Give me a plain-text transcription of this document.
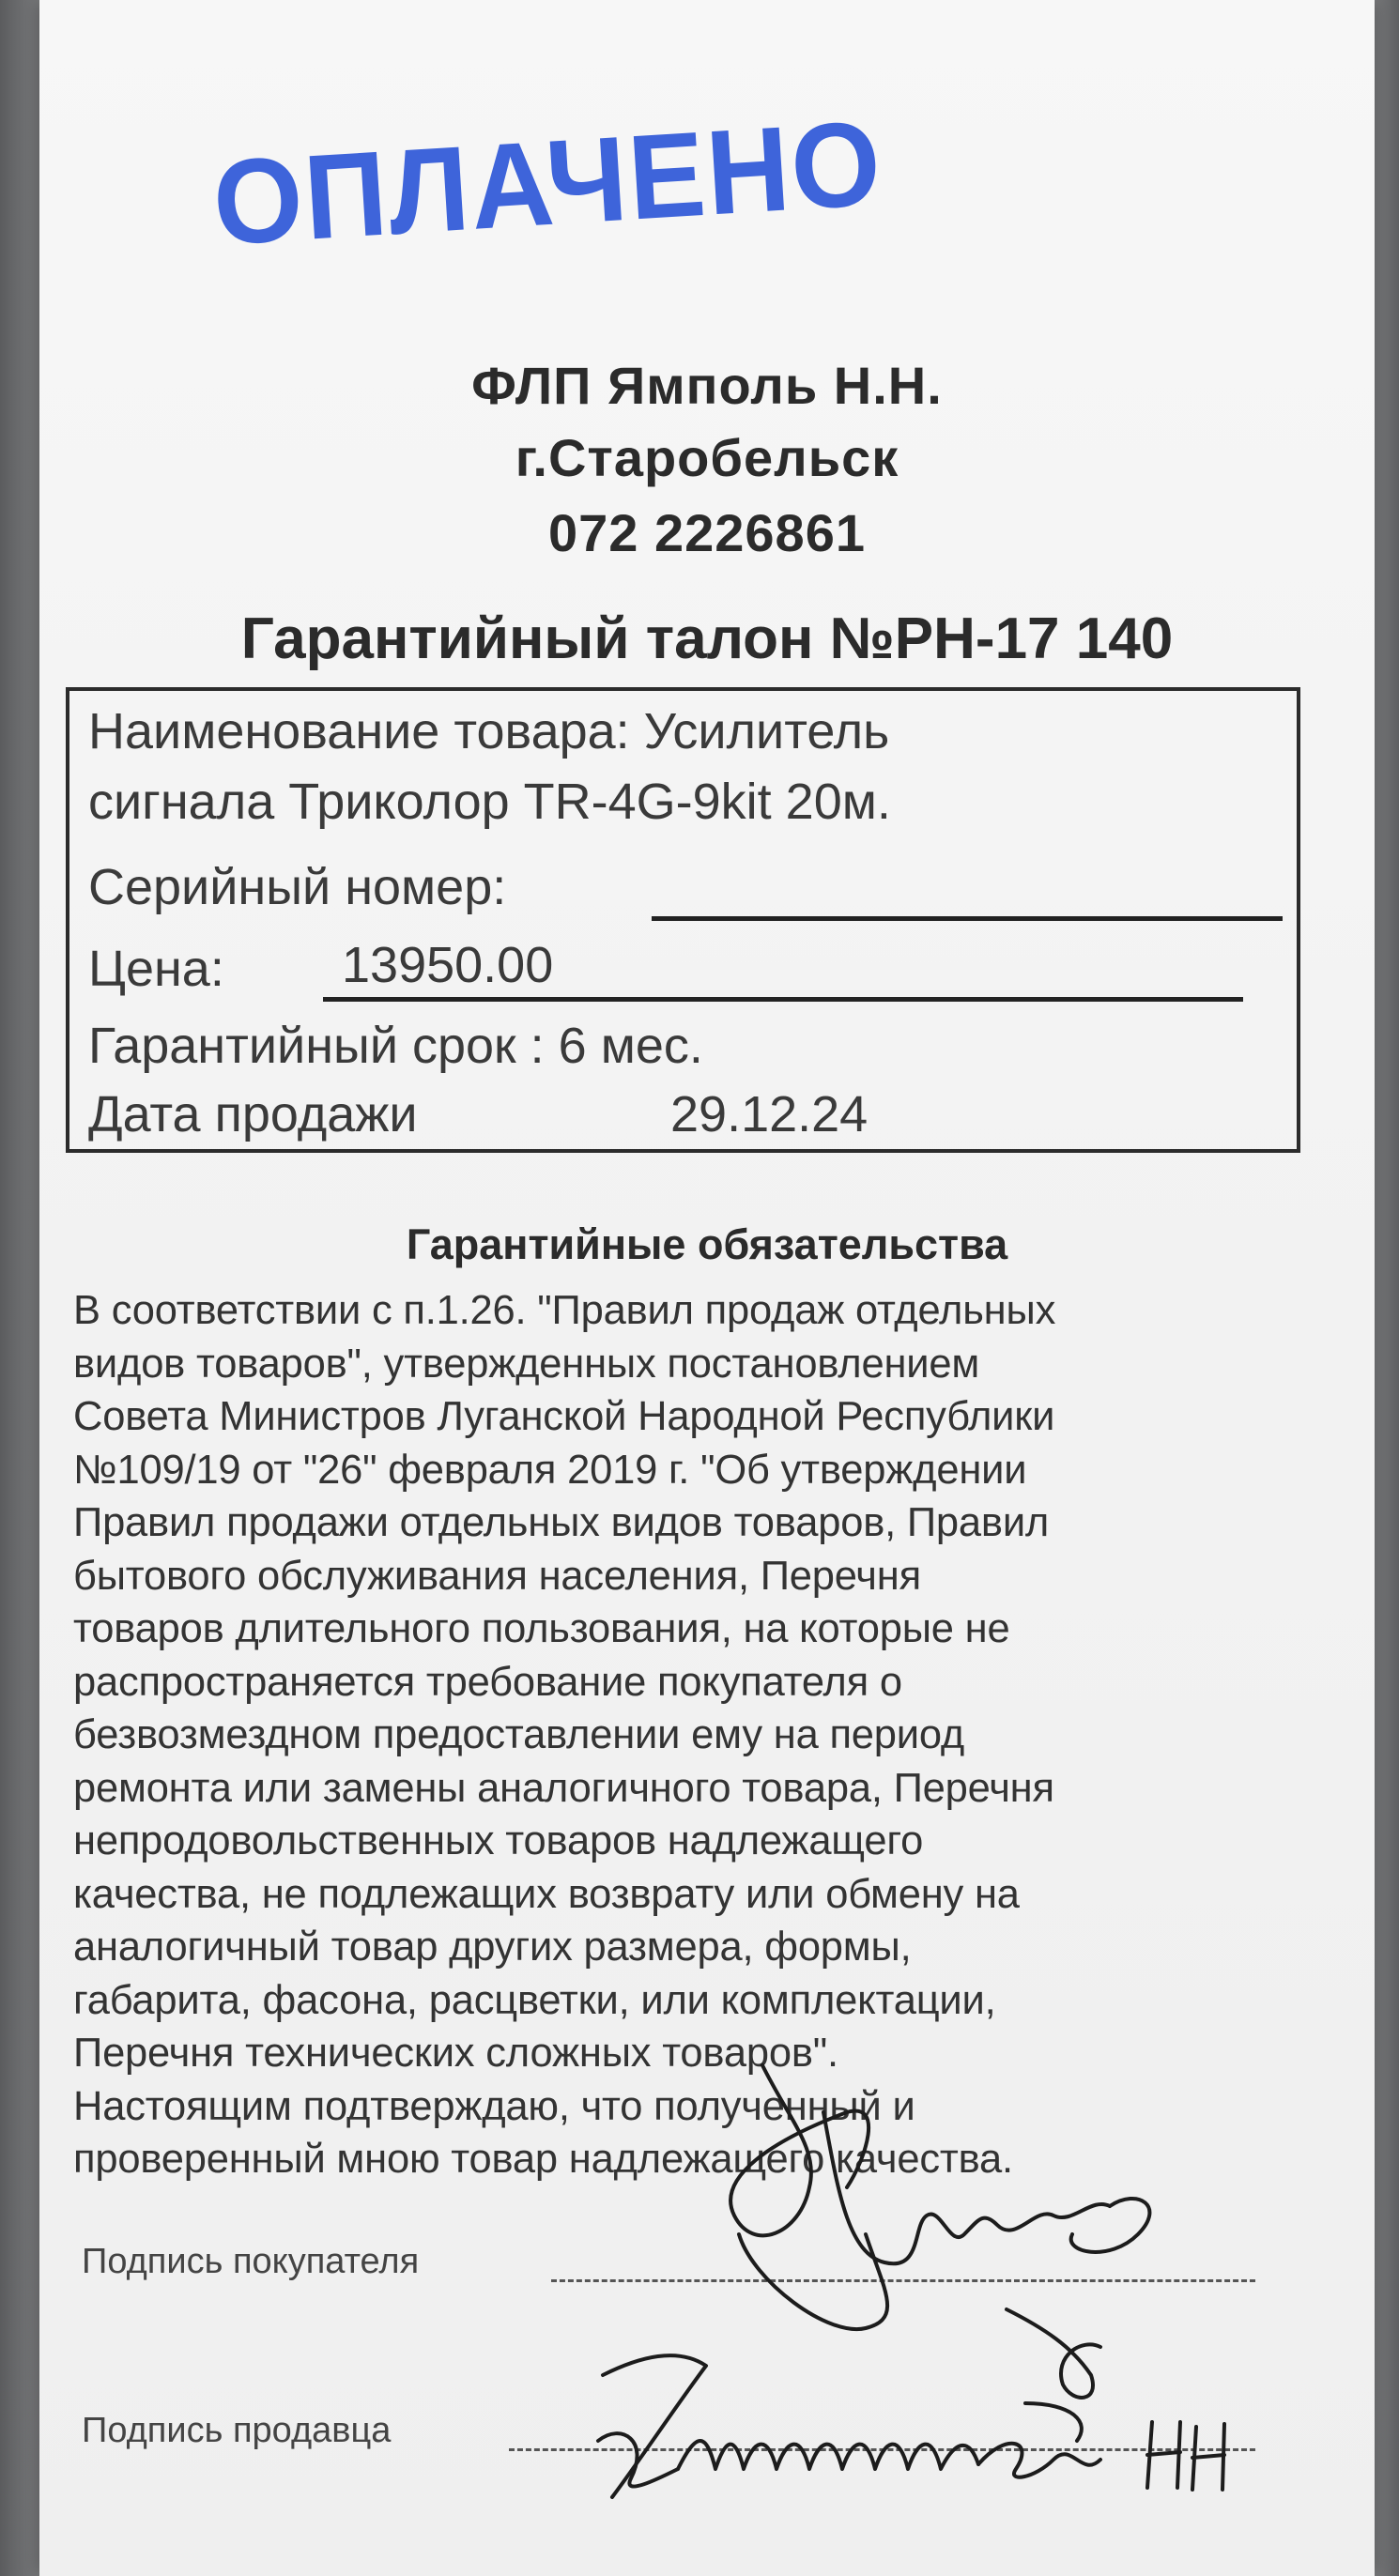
ОПЛАЧЕНО
ФЛП Ямполь Н.Н.
г.Старобельск
072 2226861
Гарантийный талон №РН-17 140
Наименование товара: Усилитель
сигнала Триколор TR-4G-9kit 20м.
Серийный номер:
Цена: 13950.00
Гарантийный срок : 6 мес.
Дата продажи	29.12.24
Гарантийные обязательства
В соответствии с п.1.26. "Правил продаж отдельных
видов товаров", утвержденных постановлением
Совета Министров Луганской Народной Республики
№109/19 от "26" февраля 2019 г. "Об утверждении
Правил продажи отдельных видов товаров, Правил
бытового обслуживания населения, Перечня
товаров длительного пользования, на которые не
распространяется требование покупателя о
безвозмездном предоставлении ему на период
ремонта или замены аналогичного товара, Перечня
непродовольственных товаров надлежащего
качества, не подлежащих возврату или обмену на
аналогичный товар других размера, формы,
габарита, фасона, расцветки, или комплектации,
Перечня технических сложных товаров".
Настоящим подтверждаю, что полученный и
проверенный мною товар надлежащего качества.
Подпись покупателя
Подпись продавца
